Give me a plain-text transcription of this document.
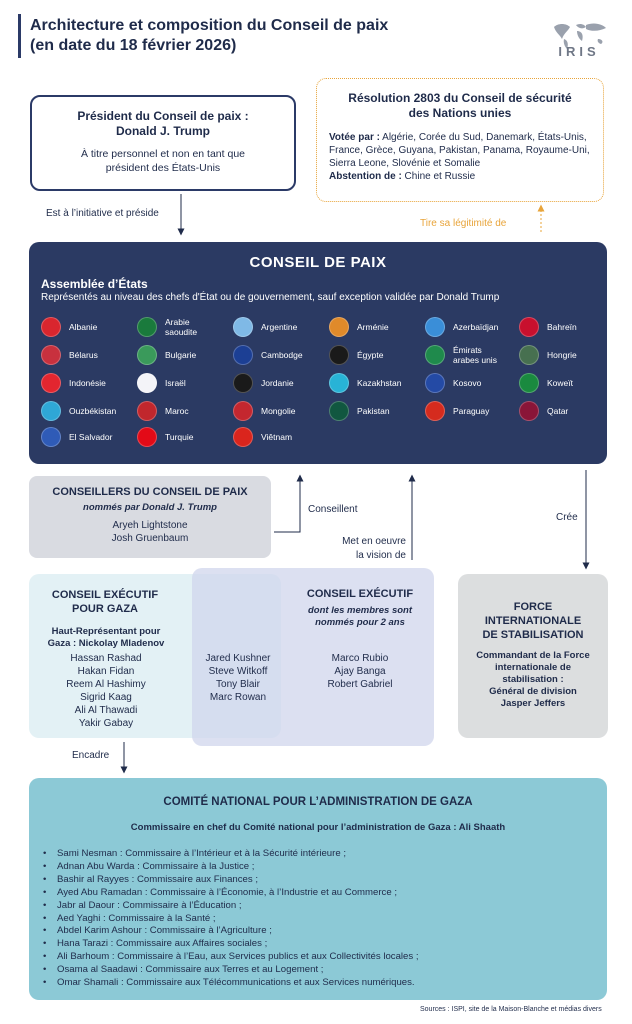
Architecture et composition du Conseil de paix
(en date du 18 février 2026)	IRIS
Président du Conseil de paix :
Donald J. Trump
À titre personnel et non en tant que
président des États-Unis
Résolution 2803 du Conseil de sécurité
des Nations unies
Votée par : Algérie, Corée du Sud, Danemark, États-Unis, France, Grèce, Guyana, Pakistan, Panama, Royaume-Uni, Sierra Leone, Slovénie et Somalie
Abstention de : Chine et Russie
Est à l’initiative et préside
Tire sa légitimité de
CONSEIL DE PAIX
Assemblée d’États
Représentés au niveau des chefs d'État ou de gouvernement, sauf exception validée par Donald Trump
Albanie	Arabie saoudite	Argentine	Arménie	Azerbaïdjan	Bahreïn
Bélarus	Bulgarie	Cambodge	Égypte	Émirats arabes unis	Hongrie
Indonésie	Israël	Jordanie	Kazakhstan	Kosovo	Koweït
Ouzbékistan	Maroc	Mongolie	Pakistan	Paraguay	Qatar
El Salvador	Turquie	Viêtnam
CONSEILLERS DU CONSEIL DE PAIX
nommés par Donald J. Trump
Aryeh Lightstone
Josh Gruenbaum
Conseillent
Met en oeuvre
la vision de
Crée
CONSEIL EXÉCUTIF
POUR GAZA
Haut-Représentant pour
Gaza : Nickolay Mladenov
Hassan Rashad
Hakan Fidan
Reem Al Hashimy
Sigrid Kaag
Ali Al Thawadi
Yakir Gabay
Jared Kushner
Steve Witkoff
Tony Blair
Marc Rowan
CONSEIL EXÉCUTIF
dont les membres sont
nommés pour 2 ans
Marco Rubio
Ajay Banga
Robert Gabriel
FORCE
INTERNATIONALE
DE STABILISATION
Commandant de la Force
internationale de
stabilisation :
Général de division
Jasper Jeffers
Encadre
COMITÉ NATIONAL POUR L’ADMINISTRATION DE GAZA
Commissaire en chef du Comité national pour l’administration de Gaza : Ali Shaath
• Sami Nesman : Commissaire à l’Intérieur et à la Sécurité intérieure ;
• Adnan Abu Warda : Commissaire à la Justice ;
• Bashir al Rayyes : Commissaire aux Finances ;
• Ayed Abu Ramadan : Commissaire à l’Économie, à l’Industrie et au Commerce ;
• Jabr al Daour : Commissaire à l’Éducation ;
• Aed Yaghi : Commissaire à la Santé ;
• Abdel Karim Ashour : Commissaire à l’Agriculture ;
• Hana Tarazi : Commissaire aux Affaires sociales ;
• Ali Barhoum : Commissaire à l’Eau, aux Services publics et aux Collectivités locales ;
• Osama al Saadawi : Commissaire aux Terres et au Logement ;
• Omar Shamali : Commissaire aux Télécommunications et aux Services numériques.
Sources : ISPI, site de la Maison-Blanche et médias divers
